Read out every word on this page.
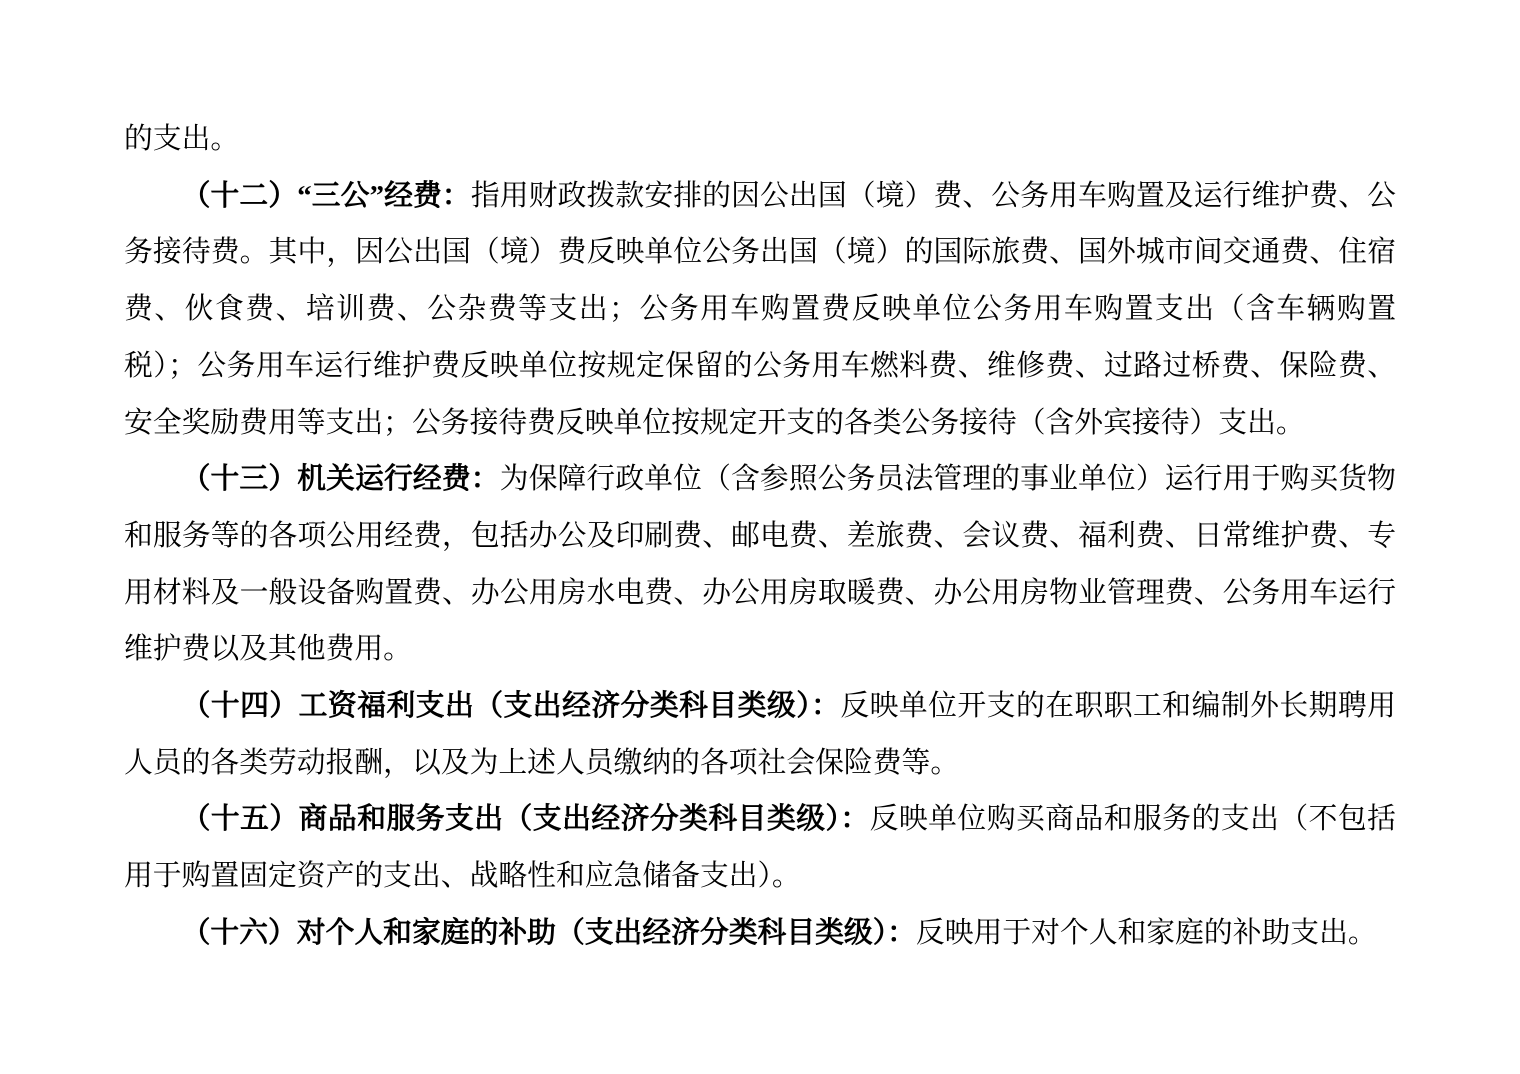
的支出。

（十二）“三公”经费：指用财政拨款安排的因公出国（境）费、公务用车购置及运行维护费、公务接待费。其中，因公出国（境）费反映单位公务出国（境）的国际旅费、国外城市间交通费、住宿费、伙食费、培训费、公杂费等支出；公务用车购置费反映单位公务用车购置支出（含车辆购置税）；公务用车运行维护费反映单位按规定保留的公务用车燃料费、维修费、过路过桥费、保险费、安全奖励费用等支出；公务接待费反映单位按规定开支的各类公务接待（含外宾接待）支出。

（十三）机关运行经费：为保障行政单位（含参照公务员法管理的事业单位）运行用于购买货物和服务等的各项公用经费，包括办公及印刷费、邮电费、差旅费、会议费、福利费、日常维护费、专用材料及一般设备购置费、办公用房水电费、办公用房取暖费、办公用房物业管理费、公务用车运行维护费以及其他费用。

（十四）工资福利支出（支出经济分类科目类级）：反映单位开支的在职职工和编制外长期聘用人员的各类劳动报酬，以及为上述人员缴纳的各项社会保险费等。

（十五）商品和服务支出（支出经济分类科目类级）：反映单位购买商品和服务的支出（不包括用于购置固定资产的支出、战略性和应急储备支出）。

（十六）对个人和家庭的补助（支出经济分类科目类级）：反映用于对个人和家庭的补助支出。
